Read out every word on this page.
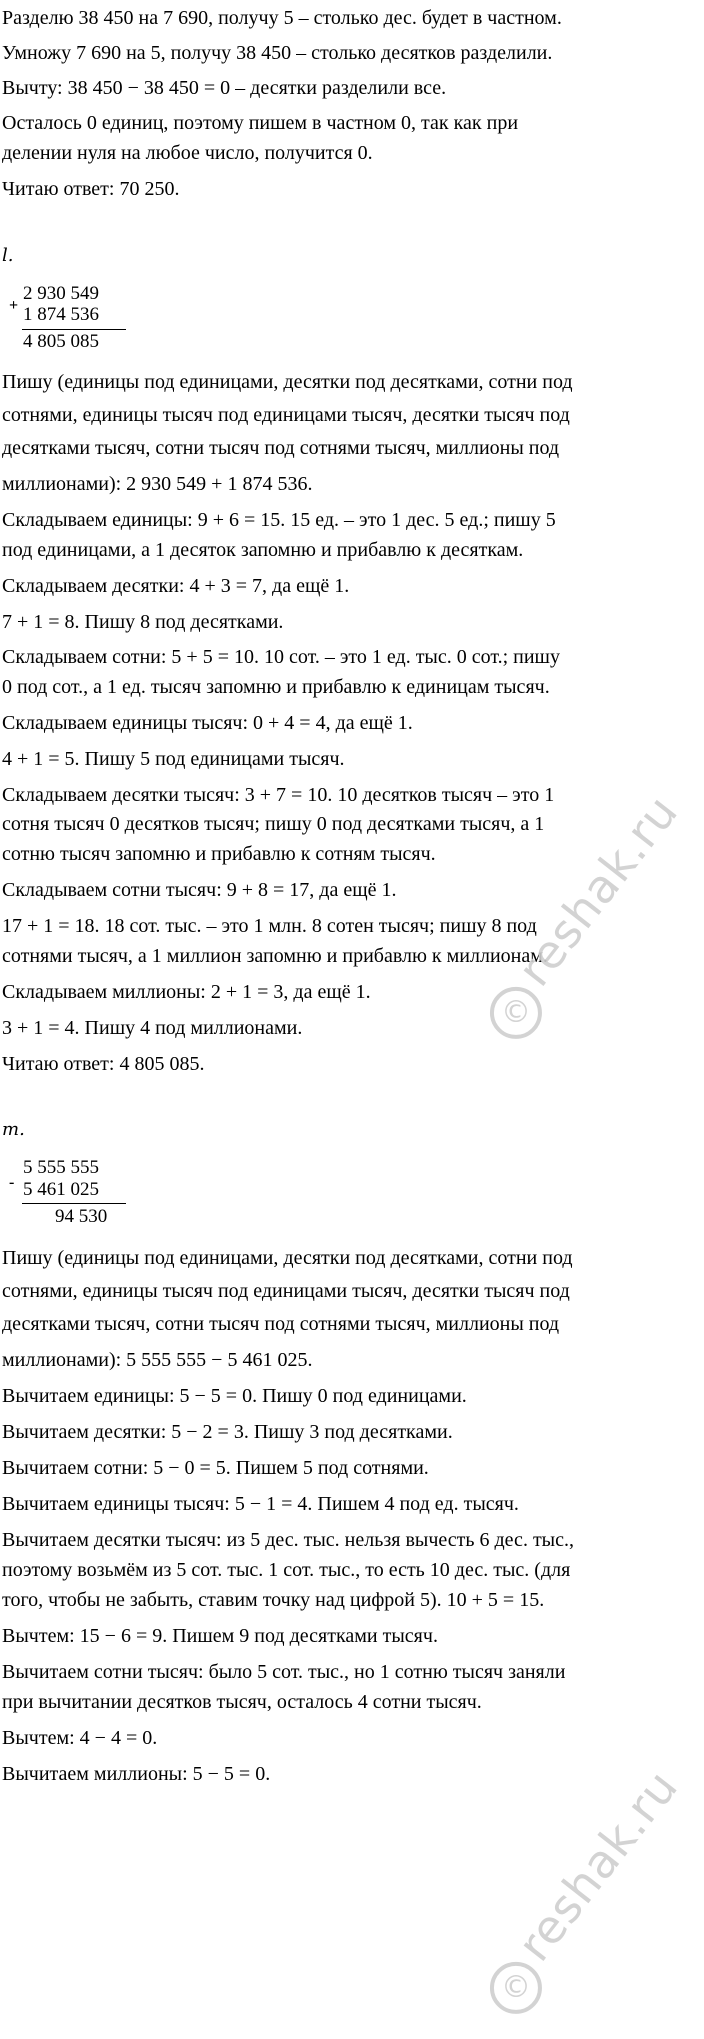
Разделю 38 450 на 7 690, получу 5 – столько дес. будет в частном.
Умножу 7 690 на 5, получу 38 450 – столько десятков разделили.
Вычту: 38 450 − 38 450 = 0 – десятки разделили все.
Осталось 0 единиц, поэтому пишем в частном 0, так как при
делении нуля на любое число, получится 0.
Читаю ответ: 70 250.
l.
+
2 930 549
1 874 536
4 805 085
Пишу (единицы под единицами, десятки под десятками, сотни под
сотнями, единицы тысяч под единицами тысяч, десятки тысяч под
десятками тысяч, сотни тысяч под сотнями тысяч, миллионы под
миллионами): 2 930 549 + 1 874 536.
Складываем единицы: 9 + 6 = 15. 15 ед. – это 1 дес. 5 ед.; пишу 5
под единицами, а 1 десяток запомню и прибавлю к десяткам.
Складываем десятки: 4 + 3 = 7, да ещё 1.
7 + 1 = 8. Пишу 8 под десятками.
Складываем сотни: 5 + 5 = 10. 10 сот. – это 1 ед. тыс. 0 сот.; пишу
0 под сот., а 1 ед. тысяч запомню и прибавлю к единицам тысяч.
Складываем единицы тысяч: 0 + 4 = 4, да ещё 1.
4 + 1 = 5. Пишу 5 под единицами тысяч.
Складываем десятки тысяч: 3 + 7 = 10. 10 десятков тысяч – это 1
сотня тысяч 0 десятков тысяч; пишу 0 под десятками тысяч, а 1
сотню тысяч запомню и прибавлю к сотням тысяч.
Складываем сотни тысяч: 9 + 8 = 17, да ещё 1.
17 + 1 = 18. 18 сот. тыс. – это 1 млн. 8 сотен тысяч; пишу 8 под
сотнями тысяч, а 1 миллион запомню и прибавлю к миллионам.
Складываем миллионы: 2 + 1 = 3, да ещё 1.
3 + 1 = 4. Пишу 4 под миллионами.
Читаю ответ: 4 805 085.
m.
-
5 555 555
5 461 025
94 530
Пишу (единицы под единицами, десятки под десятками, сотни под
сотнями, единицы тысяч под единицами тысяч, десятки тысяч под
десятками тысяч, сотни тысяч под сотнями тысяч, миллионы под
миллионами): 5 555 555 − 5 461 025.
Вычитаем единицы: 5 − 5 = 0. Пишу 0 под единицами.
Вычитаем десятки: 5 − 2 = 3. Пишу 3 под десятками.
Вычитаем сотни: 5 − 0 = 5. Пишем 5 под сотнями.
Вычитаем единицы тысяч: 5 − 1 = 4. Пишем 4 под ед. тысяч.
Вычитаем десятки тысяч: из 5 дес. тыс. нельзя вычесть 6 дес. тыс.,
поэтому возьмём из 5 сот. тыс. 1 сот. тыс., то есть 10 дес. тыс. (для
того, чтобы не забыть, ставим точку над цифрой 5). 10 + 5 = 15.
Вычтем: 15 − 6 = 9. Пишем 9 под десятками тысяч.
Вычитаем сотни тысяч: было 5 сот. тыс., но 1 сотню тысяч заняли
при вычитании десятков тысяч, осталось 4 сотни тысяч.
Вычтем: 4 − 4 = 0.
Вычитаем миллионы: 5 − 5 = 0.
©reshak.ru
©reshak.ru
